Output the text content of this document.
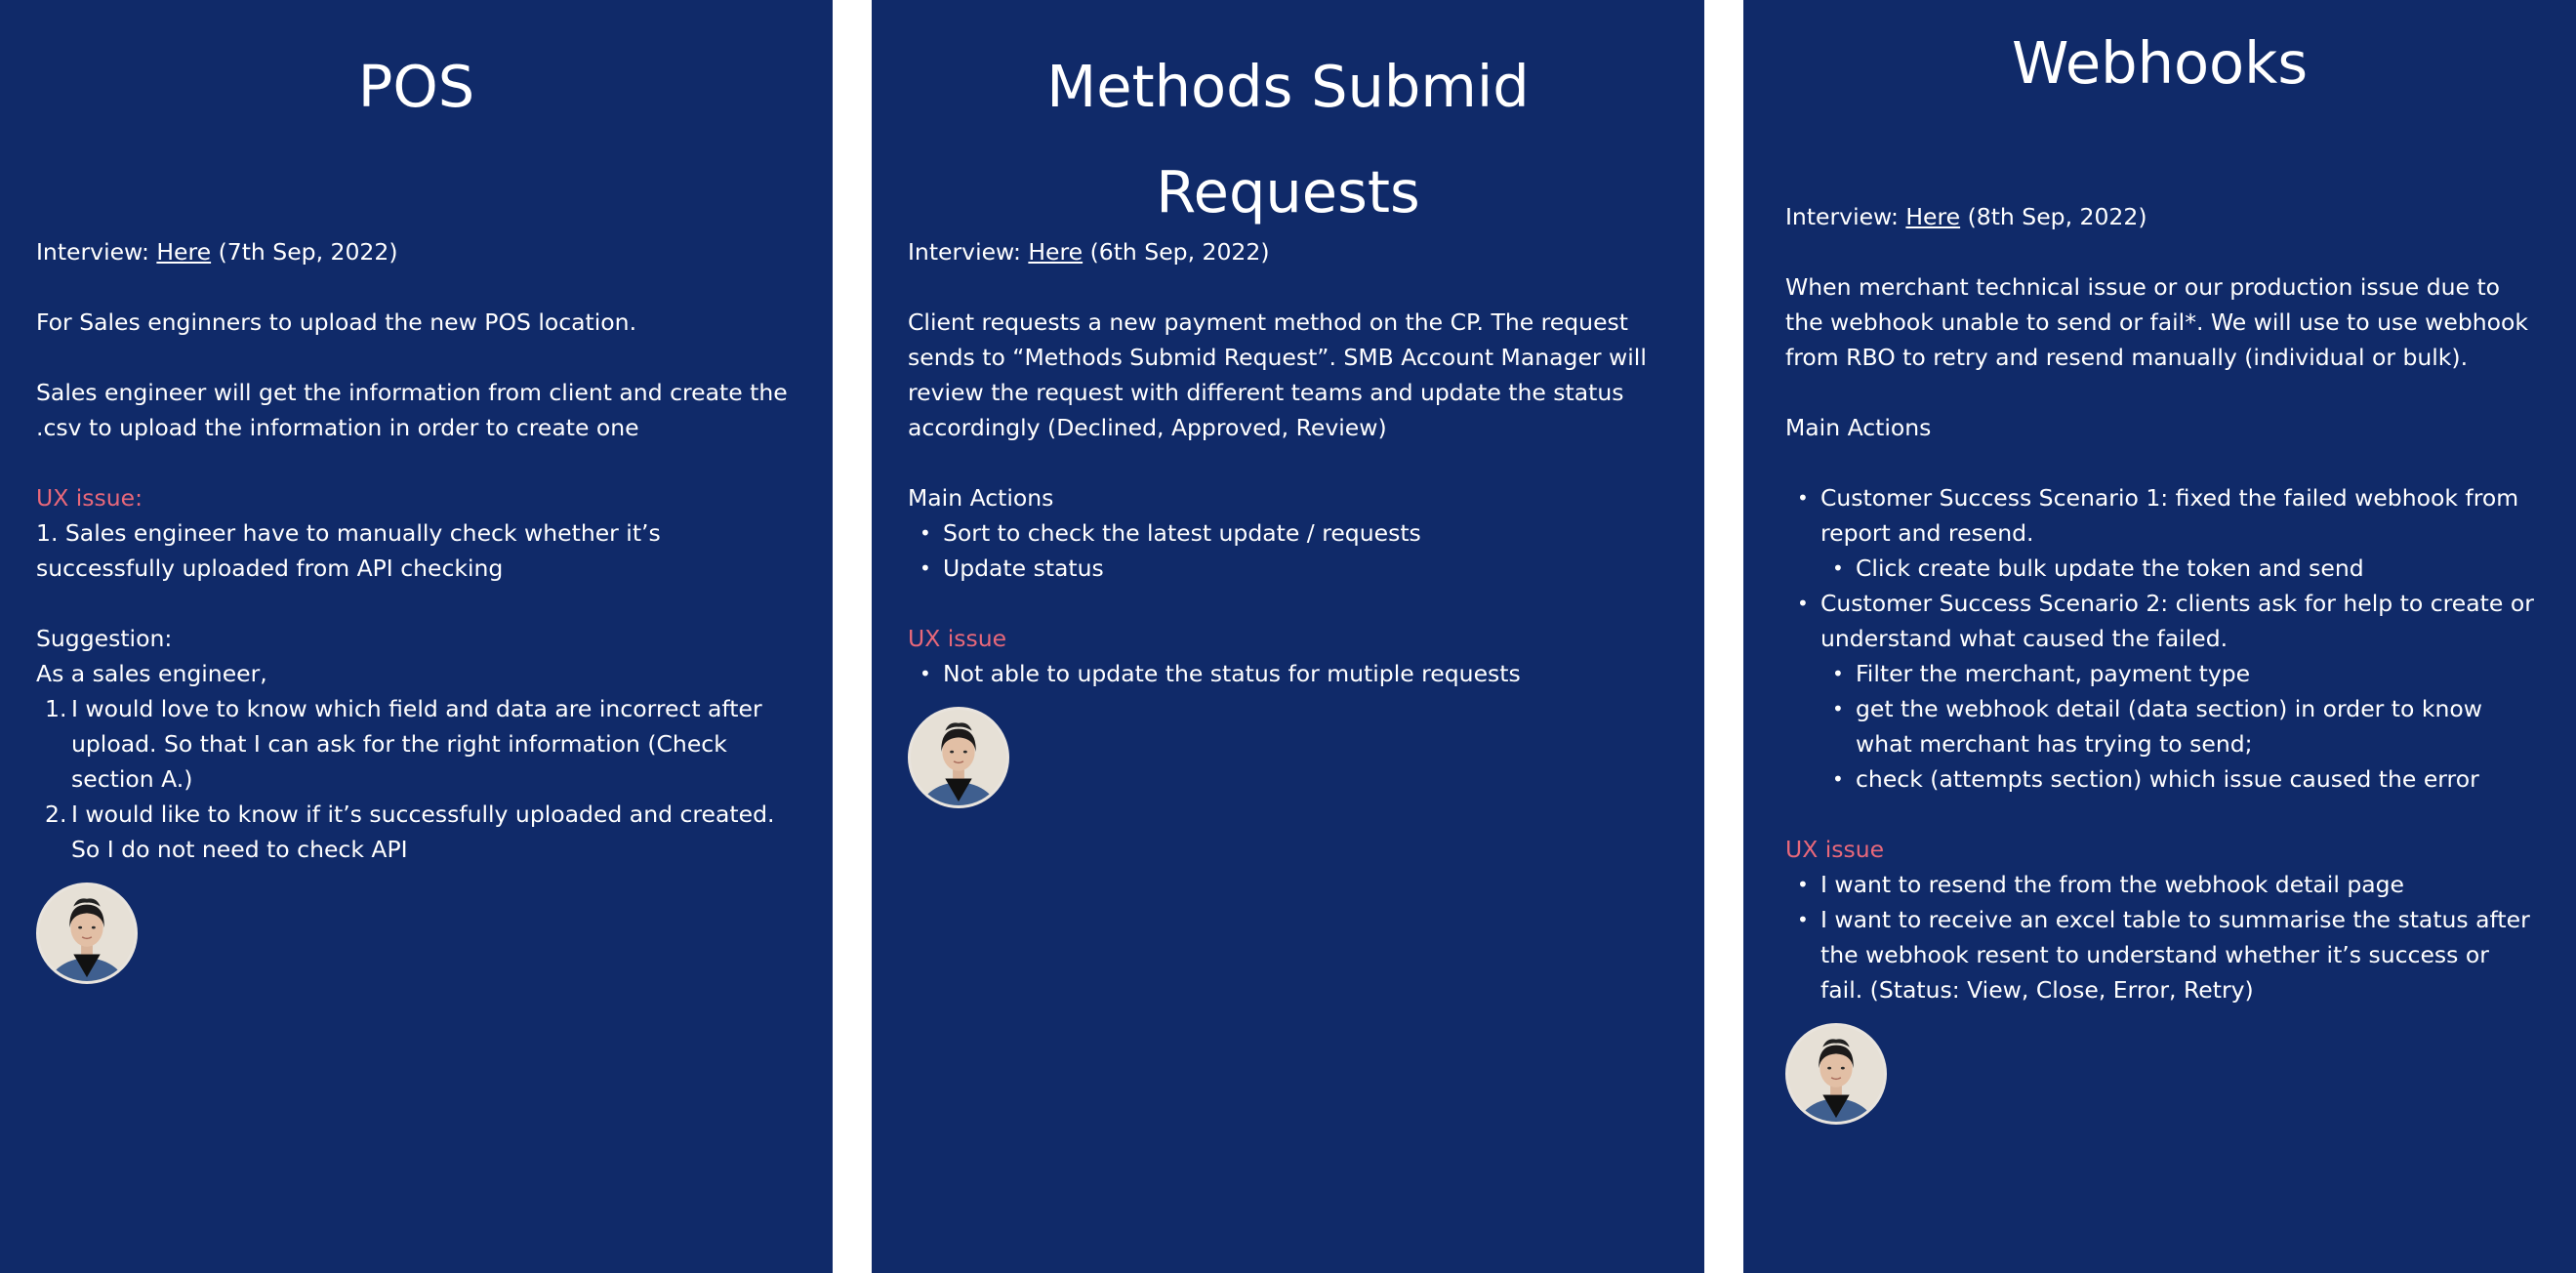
POS
Interview: Here (7th Sep, 2022)
For Sales enginners to upload the new POS location.
Sales engineer will get the information from client and create the .csv to upload the information in order to create one
UX issue:
1. Sales engineer have to manually check whether it’s successfully uploaded from API checking
Suggestion:
As a sales engineer,
1. I would love to know which field and data are incorrect after upload. So that I can ask for the right information (Check section A.)
2. I would like to know if it’s successfully uploaded and created. So I do not need to check API
Methods Submid Requests
Interview: Here (6th Sep, 2022)
Client requests a new payment method on the CP. The request sends to “Methods Submid Request”. SMB Account Manager will review the request with different teams and update the status accordingly (Declined, Approved, Review)
Main Actions
• Sort to check the latest update / requests
• Update status
UX issue
• Not able to update the status for mutiple requests
Webhooks
Interview: Here (8th Sep, 2022)
When merchant technical issue or our production issue due to the webhook unable to send or fail*. We will use to use webhook from RBO to retry and resend manually (individual or bulk).
Main Actions
• Customer Success Scenario 1: fixed the failed webhook from report and resend.
• Click create bulk update the token and send
• Customer Success Scenario 2: clients ask for help to create or understand what caused the failed.
• Filter the merchant, payment type
• get the webhook detail (data section) in order to know what merchant has trying to send;
• check (attempts section) which issue caused the error
UX issue
• I want to resend the from the webhook detail page
• I want to receive an excel table to summarise the status after the webhook resent to understand whether it’s success or fail. (Status: View, Close, Error, Retry)
